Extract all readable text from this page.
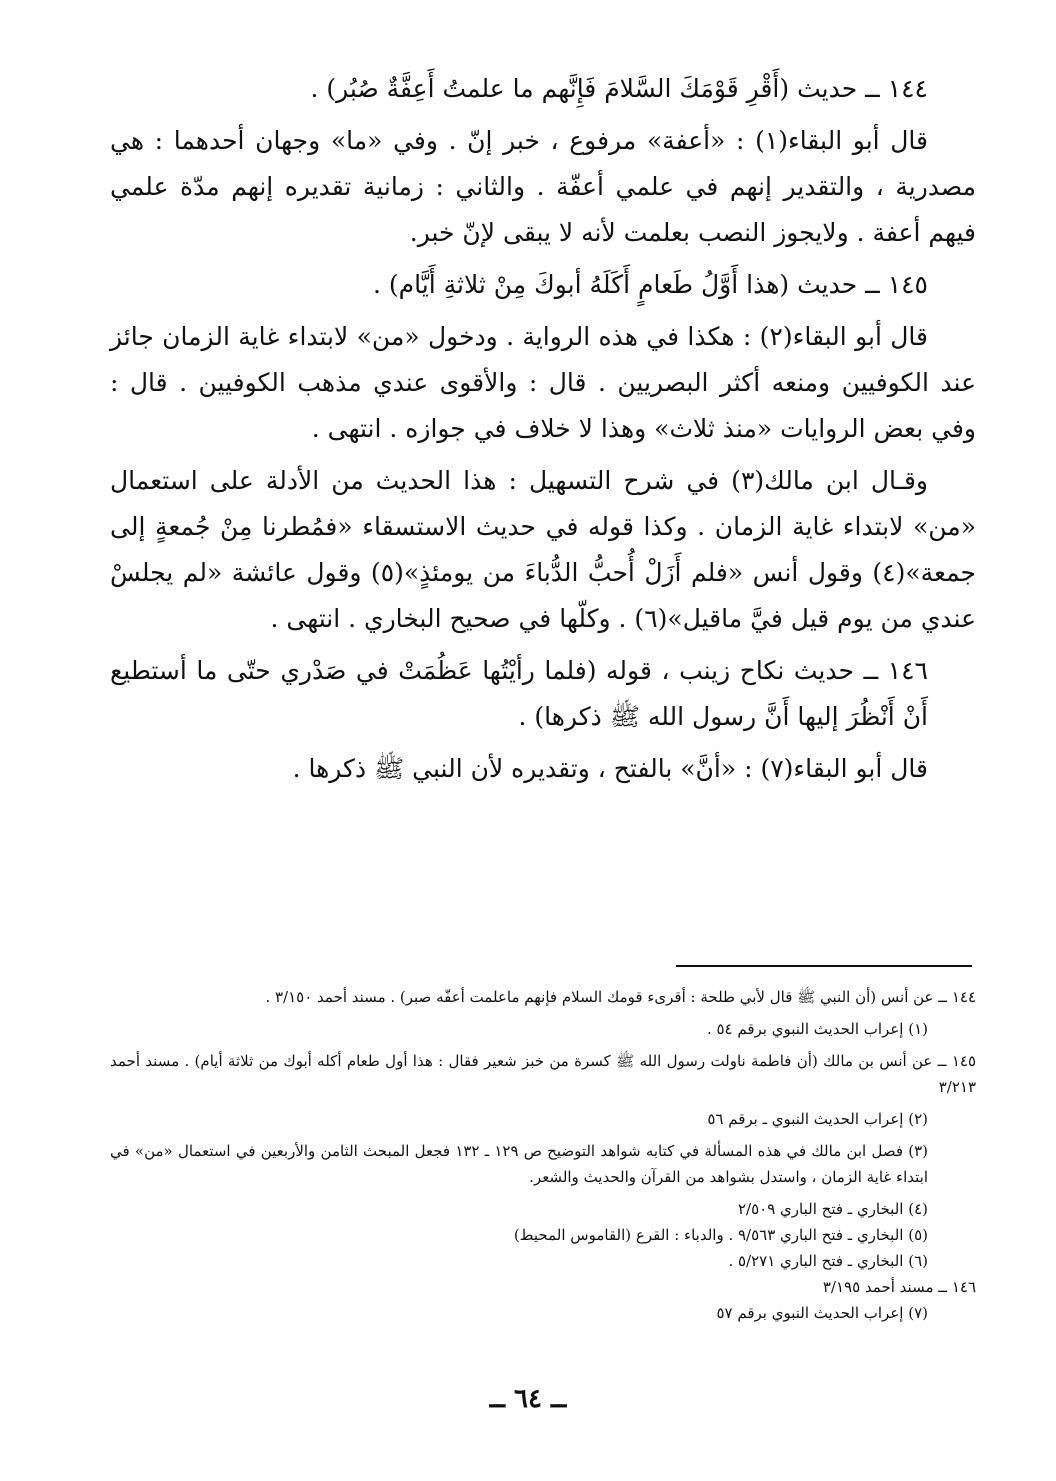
١٤٤ ــ حديث (أَقْرِ قَوْمَكَ السَّلامَ فَإِنَّهم ما علمتُ أَعِفَّةٌ صُبُر) .

قال أبو البقاء(١) : «أعفة» مرفوع ، خبر إنّ . وفي «ما» وجهان أحدهما : هي مصدرية ، والتقدير إنهم في علمي أعفّة . والثاني : زمانية تقديره إنهم مدّة علمي فيهم أعفة . ولايجوز النصب بعلمت لأنه لا يبقى لإنّ خبر.

١٤٥ ــ حديث (هذا أَوَّلُ طَعامٍ أَكَلَهُ أبوكَ مِنْ ثلاثةِ أَيَّام) .

قال أبو البقاء(٢) : هكذا في هذه الرواية . ودخول «من» لابتداء غاية الزمان جائز عند الكوفيين ومنعه أكثر البصريين . قال : والأقوى عندي مذهب الكوفيين . قال : وفي بعض الروايات «منذ ثلاث» وهذا لا خلاف في جوازه . انتهى .

وقـال ابن مالك(٣) في شرح التسهيل : هذا الحديث من الأدلة على استعمال «من» لابتداء غاية الزمان . وكذا قوله في حديث الاستسقاء «فمُطرنا مِنْ جُمعةٍ إلى جمعة»(٤) وقول أنس «فلم أَزَلْ أُحبُّ الدُّباءَ من يومئذٍ»(٥) وقول عائشة «لم يجلسْ عندي من يوم قيل فيَّ ماقيل»(٦) . وكلّها في صحيح البخاري . انتهى .

١٤٦ ــ حديث نكاح زينب ، قوله (فلما رأيْتُها عَظُمَتْ في صَدْري حتّى ما أستطيع أَنْ أَنْظُرَ إليها أَنَّ رسول الله ﷺ ذكرها) .

قال أبو البقاء(٧) : «أنَّ» بالفتح ، وتقديره لأن النبي ﷺ ذكرها .

١٤٤ ــ عن أنس (أن النبي ﷺ قال لأبي طلحة : أقرىء قومك السلام فإنهم ماعلمت أعفّه صبر) . مسند أحمد ٣/١٥٠ .

(١) إعراب الحديث النبوي برقم ٥٤ .

١٤٥ ــ عن أنس بن مالك (أن فاطمة ناولت رسول الله ﷺ كسرة من خبز شعير فقال : هذا أول طعام أكله أبوك من ثلاثة أيام) . مسند أحمد ٣/٢١٣

(٢) إعراب الحديث النبوي ـ برقم ٥٦

(٣) فصل ابن مالك في هذه المسألة في كتابه شواهد التوضيح ص ١٢٩ ـ ١٣٢ فجعل المبحث الثامن والأربعين في استعمال «من» في ابتداء غاية الزمان ، واستدل بشواهد من القرآن والحديث والشعر.

(٤) البخاري ـ فتح الباري ٢/٥٠٩

(٥) البخاري ـ فتح الباري ٩/٥٦٣ . والدباء : القرع (القاموس المحيط)

(٦) البخاري ـ فتح الباري ٥/٢٧١ .

١٤٦ ــ مسند أحمد ٣/١٩٥

(٧) إعراب الحديث النبوي برقم ٥٧

ــ ٦٤ ــ
